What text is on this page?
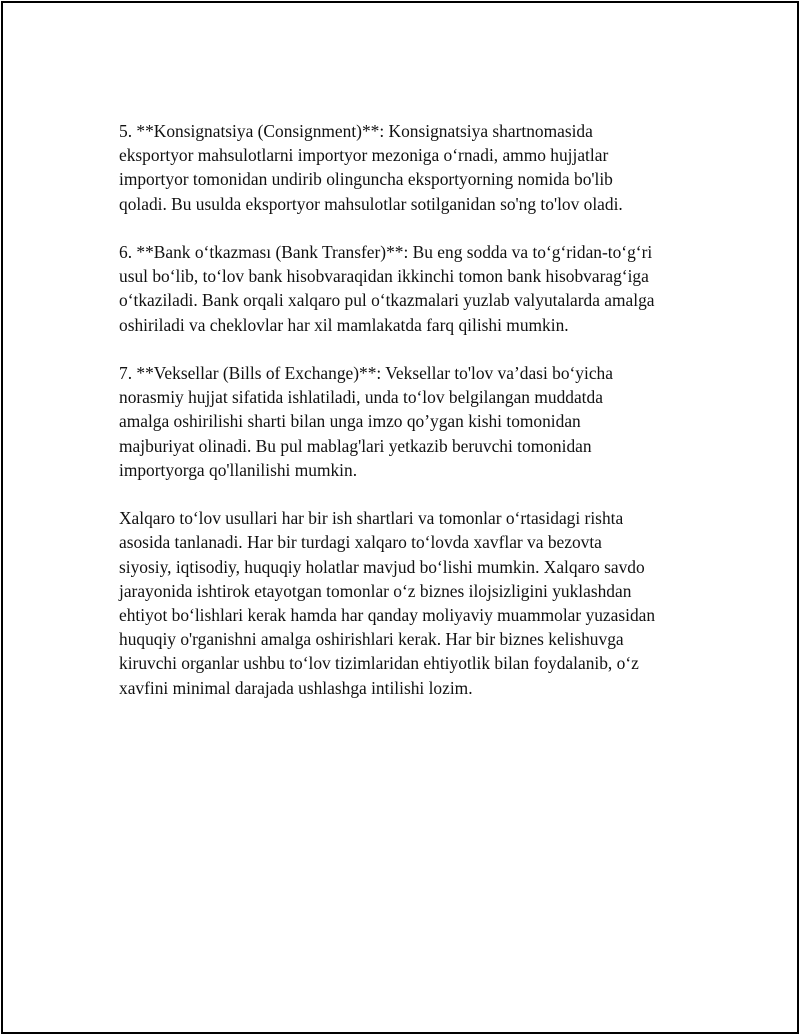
5. **Konsignatsiya (Consignment)**: Konsignatsiya shartnomasida
eksportyor mahsulotlarni importyor mezoniga o‘rnadi, ammo hujjatlar
importyor tomonidan undirib olinguncha eksportyorning nomida bo'lib
qoladi. Bu usulda eksportyor mahsulotlar sotilganidan so'ng to'lov oladi.

6. **Bank o‘tkazması (Bank Transfer)**: Bu eng sodda va to‘g‘ridan-to‘g‘ri
usul bo‘lib, to‘lov bank hisobvaraqidan ikkinchi tomon bank hisobvarag‘iga
o‘tkaziladi. Bank orqali xalqaro pul o‘tkazmalari yuzlab valyutalarda amalga
oshiriladi va cheklovlar har xil mamlakatda farq qilishi mumkin.

7. **Veksellar (Bills of Exchange)**: Veksellar to'lov va’dasi bo‘yicha
norasmiy hujjat sifatida ishlatiladi, unda to‘lov belgilangan muddatda
amalga oshirilishi sharti bilan unga imzo qo’ygan kishi tomonidan
majburiyat olinadi. Bu pul mablag'lari yetkazib beruvchi tomonidan
importyorga qo'llanilishi mumkin.

Xalqaro to‘lov usullari har bir ish shartlari va tomonlar o‘rtasidagi rishta
asosida tanlanadi. Har bir turdagi xalqaro to‘lovda xavflar va bezovta
siyosiy, iqtisodiy, huquqiy holatlar mavjud bo‘lishi mumkin. Xalqaro savdo
jarayonida ishtirok etayotgan tomonlar o‘z biznes ilojsizligini yuklashdan
ehtiyot bo‘lishlari kerak hamda har qanday moliyaviy muammolar yuzasidan
huquqiy o'rganishni amalga oshirishlari kerak. Har bir biznes kelishuvga
kiruvchi organlar ushbu to‘lov tizimlaridan ehtiyotlik bilan foydalanib, o‘z
xavfini minimal darajada ushlashga intilishi lozim.
